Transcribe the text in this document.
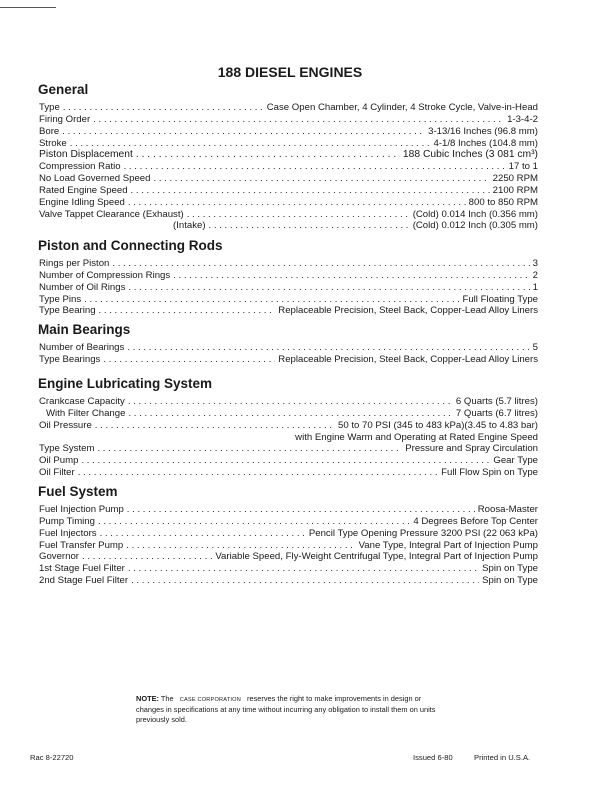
188 DIESEL ENGINES
General
Type . . .	Case Open Chamber, 4 Cylinder, 4 Stroke Cycle, Valve-in-Head
Firing Order . . .	1-3-4-2
Bore . . .	3-13/16 Inches (96.8 mm)
Stroke . . .	4-1/8 Inches (104.8 mm)
Piston Displacement . . .	188 Cubic Inches (3 081 cm³)
Compression Ratio . . .	17 to 1
No Load Governed Speed . . .	2250 RPM
Rated Engine Speed . . .	2100 RPM
Engine Idling Speed . . .	800 to 850 RPM
Valve Tappet Clearance (Exhaust) . . .	(Cold) 0.014 Inch (0.356 mm)
(Intake) . . .	(Cold) 0.012 Inch (0.305 mm)
Piston and Connecting Rods
Rings per Piston . . .	3
Number of Compression Rings . . .	2
Number of Oil Rings . . .	1
Type Pins . . .	Full Floating Type
Type Bearing . . .	Replaceable Precision, Steel Back, Copper-Lead Alloy Liners
Main Bearings
Number of Bearings . . .	5
Type Bearings . . .	Replaceable Precision, Steel Back, Copper-Lead Alloy Liners
Engine Lubricating System
Crankcase Capacity . . .	6 Quarts (5.7 litres)
With Filter Change . . .	7 Quarts (6.7 litres)
Oil Pressure . . .	50 to 70 PSI (345 to 483 kPa)(3.45 to 4.83 bar)
with Engine Warm and Operating at Rated Engine Speed
Type System . . .	Pressure and Spray Circulation
Oil Pump . . .	Gear Type
Oil Filter . . .	Full Flow Spin on Type
Fuel System
Fuel Injection Pump . . .	Roosa-Master
Pump Timing . . .	4 Degrees Before Top Center
Fuel Injectors . . .	Pencil Type Opening Pressure 3200 PSI (22 063 kPa)
Fuel Transfer Pump . . .	Vane Type, Integral Part of Injection Pump
Governor . . .	Variable Speed, Fly-Weight Centrifugal Type, Integral Part of Injection Pump
1st Stage Fuel Filter . . .	Spin on Type
2nd Stage Fuel Filter . . .	Spin on Type
NOTE: The CASE CORPORATION reserves the right to make improvements in design or changes in specifications at any time without incurring any obligation to install them on units previously sold.
Rac 8-22720	Issued 6-80	Printed in U.S.A.
